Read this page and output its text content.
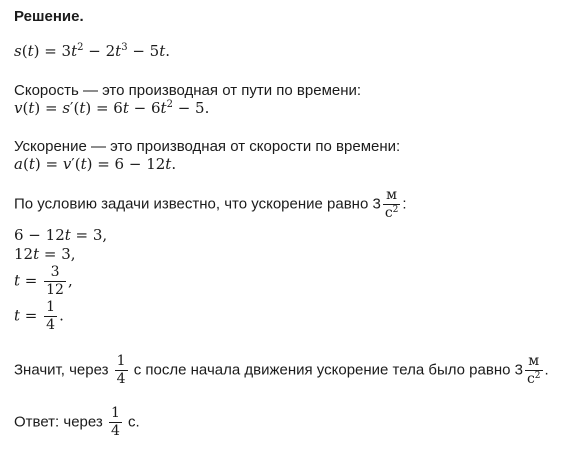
Решение.
$s(t) = 3t^2 - 2t^3 - 5t$.
Скорость — это производная от пути по времени:
$v(t) = s'(t) = 6t - 6t^2 - 5$.
Ускорение — это производная от скорости по времени:
a(t) = v′(t) = 6 − 12t.
По условию задачи известно, что ускорение равно $3 \frac{м}{с^2}$ :
6 − 12t = 3,
12t = 3,
$t = \frac{3}{12}$ ,
$t = \frac{1}{4}$ .
Значит, через $\frac{1}{4}$ с после начала движения ускорение тела было равно $3 \frac{м}{с^2}$ .
Ответ: через $\frac{1}{4} с$.
